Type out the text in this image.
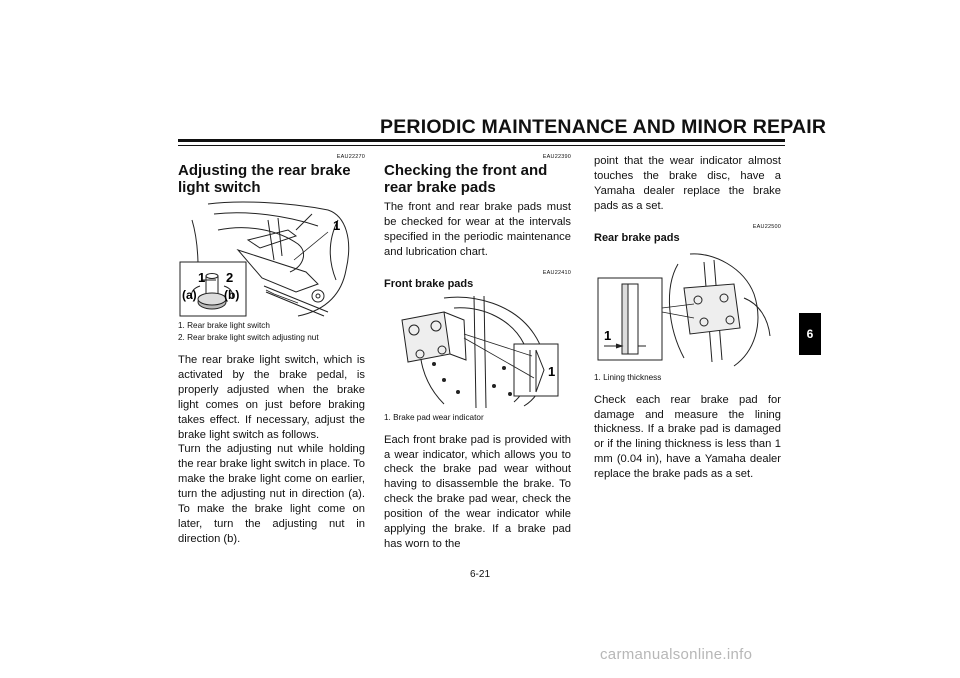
PERIODIC MAINTENANCE AND MINOR REPAIR
EAU22270
Adjusting the rear brake light switch
1
1 2
(a) (b)

1. Rear brake light switch

2. Rear brake light switch adjusting nut

The rear brake light switch, which is activated by the brake pedal, is properly adjusted when the brake light comes on just before braking takes effect. If necessary, adjust the brake light switch as follows.

Turn the adjusting nut while holding the rear brake light switch in place. To make the brake light come on earlier, turn the adjusting nut in direction (a). To make the brake light come on later, turn the adjusting nut in direction (b).

EAU22390
Checking the front and rear brake pads

The front and rear brake pads must be checked for wear at the intervals specified in the periodic maintenance and lubrication chart.

EAU22410
Front brake pads
1

1. Brake pad wear indicator

Each front brake pad is provided with a wear indicator, which allows you to check the brake pad wear without having to disassemble the brake. To check the brake pad wear, check the position of the wear indicator while applying the brake. If a brake pad has worn to the

point that the wear indicator almost touches the brake disc, have a Yamaha dealer replace the brake pads as a set.

EAU22500
Rear brake pads
1

1. Lining thickness

Check each rear brake pad for damage and measure the lining thickness. If a brake pad is damaged or if the lining thickness is less than 1 mm (0.04 in), have a Yamaha dealer replace the brake pads as a set.

6-21
6
carmanualsonline.info
